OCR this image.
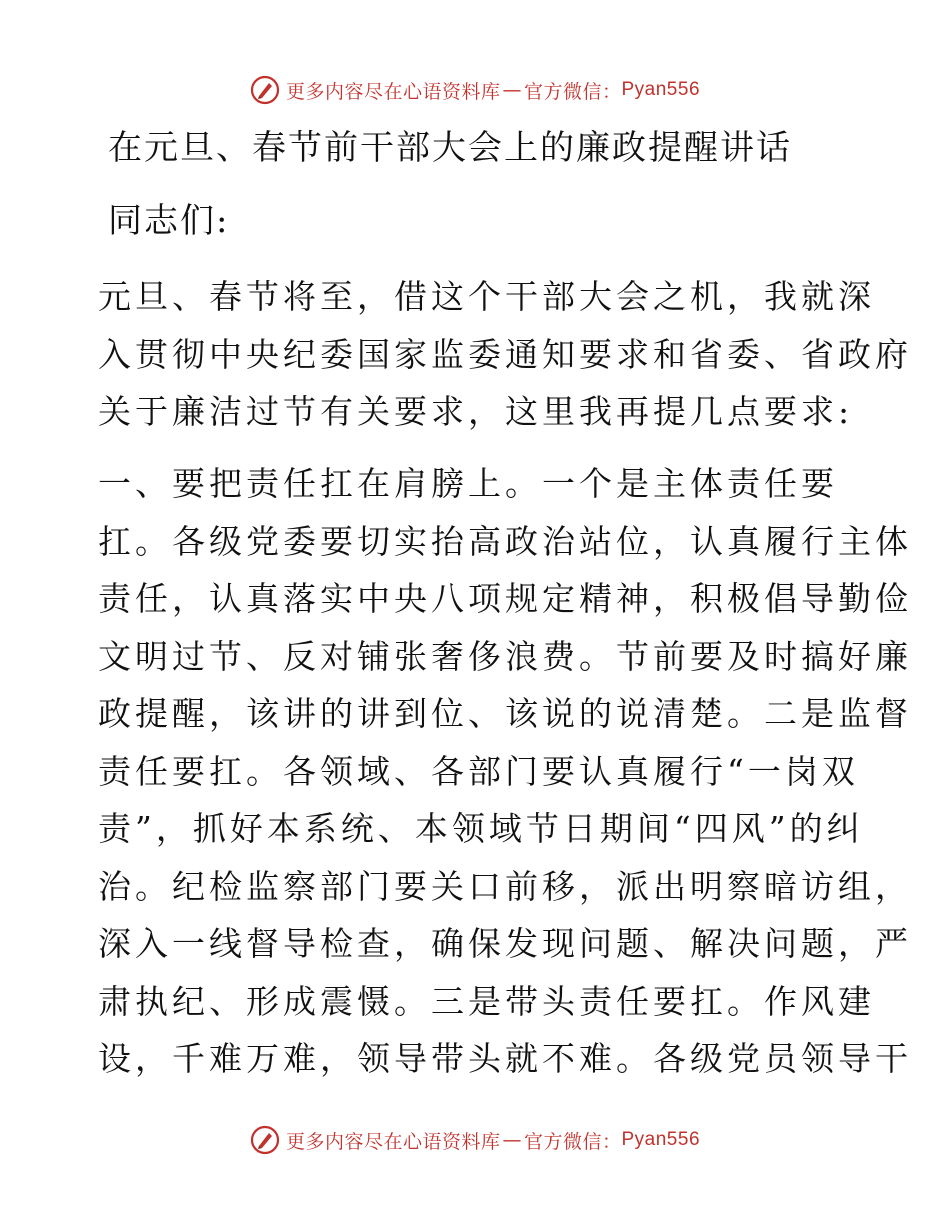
更多内容尽在心语资料库 — 官方微信： Pyan556
在元旦、春节前干部大会上的廉政提醒讲话
同志们:
元旦、春节将至，借这个干部大会之机，我就深
入贯彻中央纪委国家监委通知要求和省委、省政府
关于廉洁过节有关要求，这里我再提几点要求:
一、要把责任扛在肩膀上。一个是主体责任要
扛。各级党委要切实抬高政治站位，认真履行主体
责任，认真落实中央八项规定精神，积极倡导勤俭
文明过节、反对铺张奢侈浪费。节前要及时搞好廉
政提醒，该讲的讲到位、该说的说清楚。二是监督
责任要扛。各领域、各部门要认真履行“一岗双
责”，抓好本系统、本领域节日期间“四风”的纠
治。纪检监察部门要关口前移，派出明察暗访组，
深入一线督导检查，确保发现问题、解决问题，严
肃执纪、形成震慑。三是带头责任要扛。作风建
设，千难万难，领导带头就不难。各级党员领导干
更多内容尽在心语资料库 — 官方微信： Pyan556
